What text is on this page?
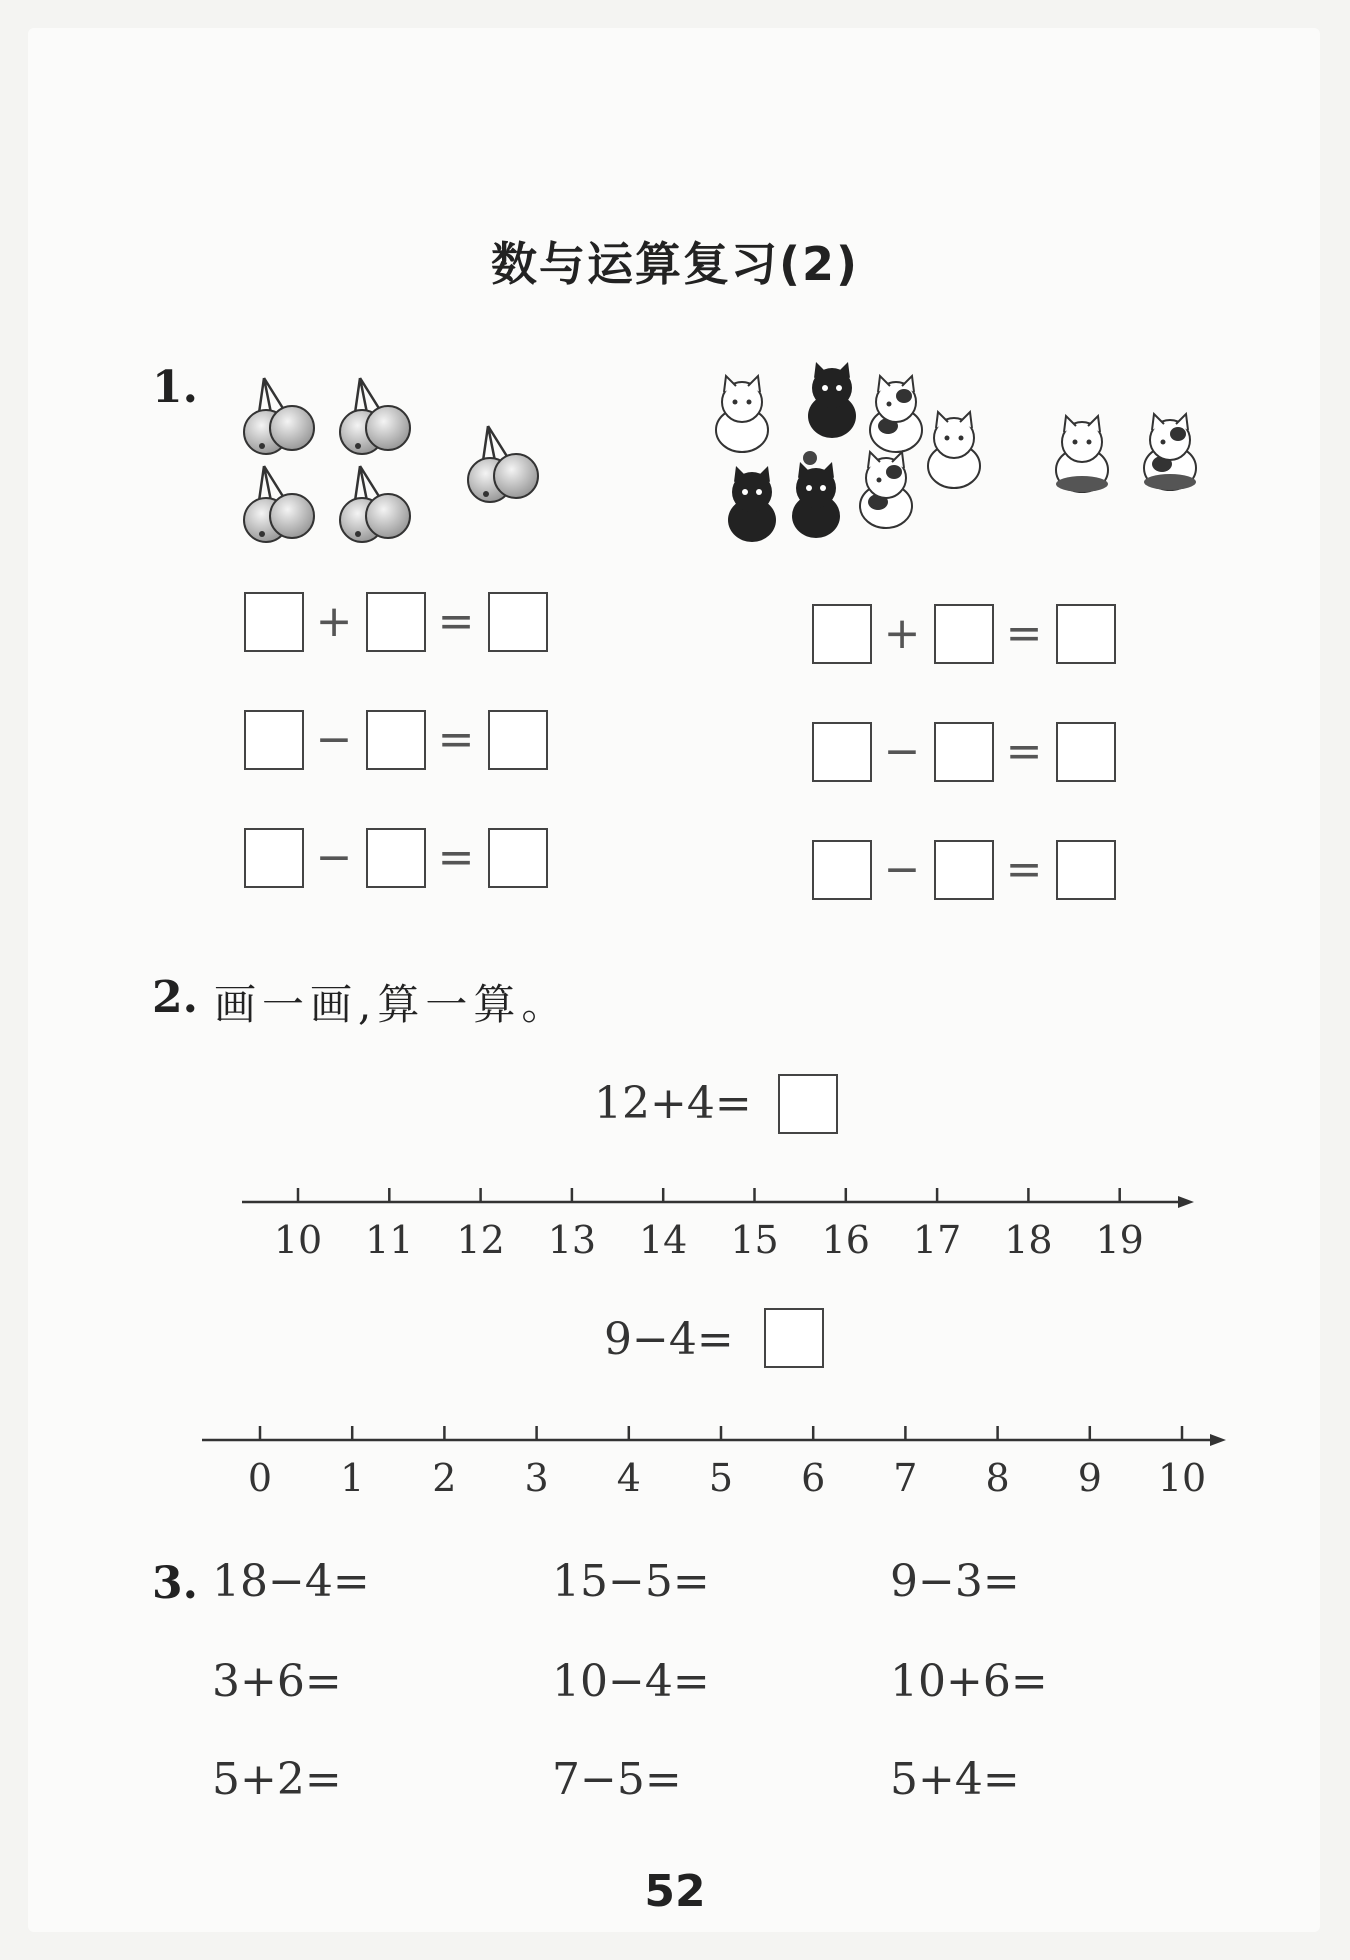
数与运算复习(2)
1.
+ =
− =
− =
+ =
− =
− =
2. 画一画,算一算。
12+4=
10 11 12 13 14 15 16 17 18 19
9−4=
0 1 2 3 4 5 6 7 8 9 10
3. 18−4=	15−5=	9−3=
3+6=	10−4=	10+6=
5+2=	7−5=	5+4=
52
